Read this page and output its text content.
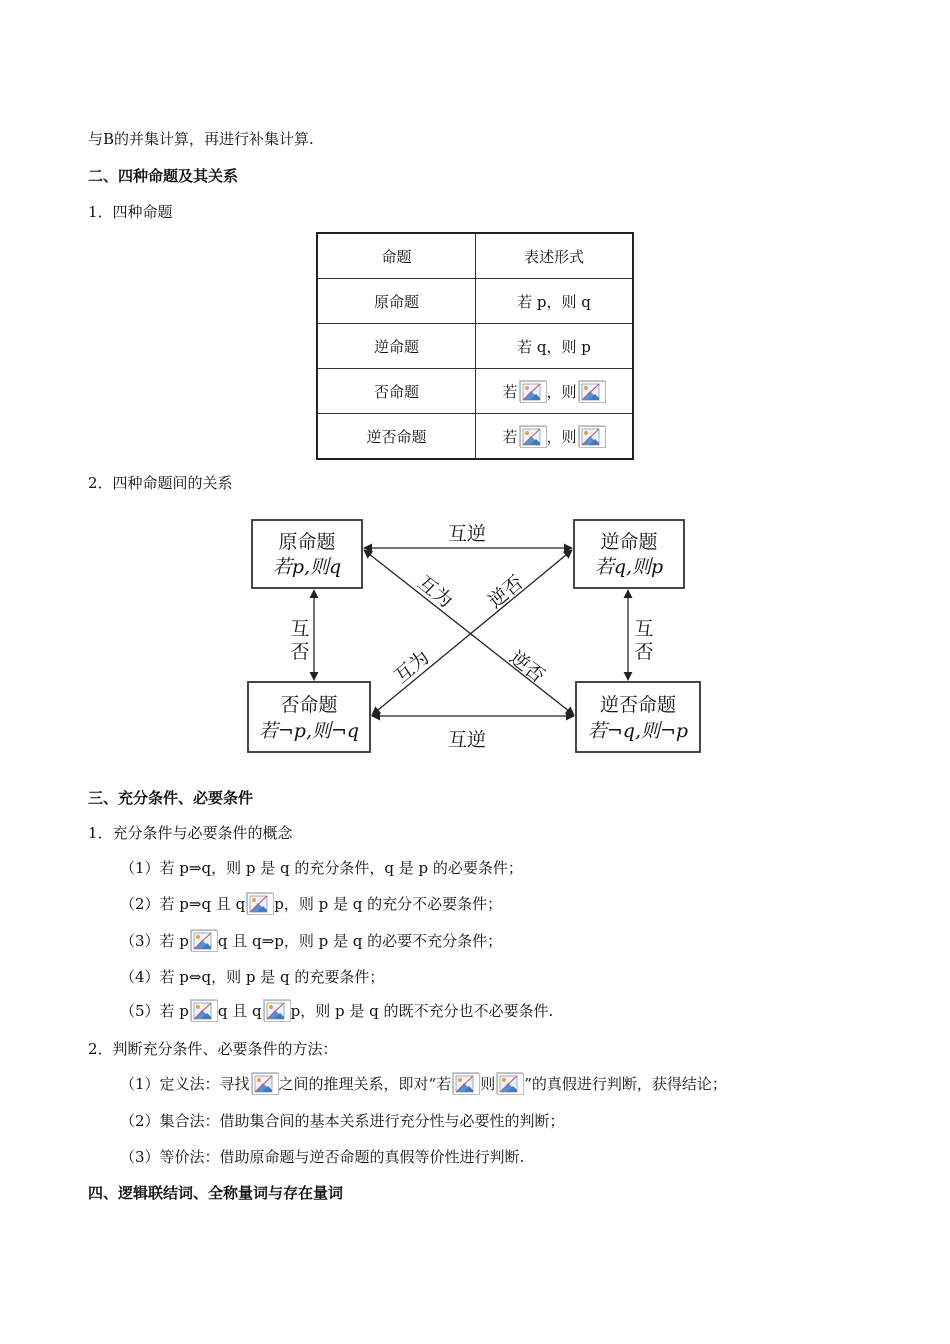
与B的并集计算，再进行补集计算.
二、四种命题及其关系
1．四种命题
命题	表述形式
原命题	若 p，则 q
逆命题	若 q，则 p
否命题	若 ，则

逆否命题	若 ，则
2．四种命题间的关系
原命题
若p,则q
逆命题
若q,则p
否命题
若¬p,则¬q
逆否命题
若¬q,则¬p
互逆
互逆
互
否
互
否
互为 逆否
互为	逆否
三、充分条件、必要条件
1．充分条件与必要条件的概念
（1）若 p⇒q，则 p 是 q 的充分条件，q 是 p 的必要条件；
（2）若 p⇒q 且 q p，则 p 是 q 的充分不必要条件；
（3）若 p q 且 q⇒p，则 p 是 q 的必要不充分条件；
（4）若 p⇔q，则 p 是 q 的充要条件；
（5）若 p q 且 q p，则 p 是 q 的既不充分也不必要条件.
2．判断充分条件、必要条件的方法：
（1）定义法：寻找 之间的推理关系，即对“若 则 ”的真假进行判断，获得结论；
（2）集合法：借助集合间的基本关系进行充分性与必要性的判断；
（3）等价法：借助原命题与逆否命题的真假等价性进行判断.
四、逻辑联结词、全称量词与存在量词
